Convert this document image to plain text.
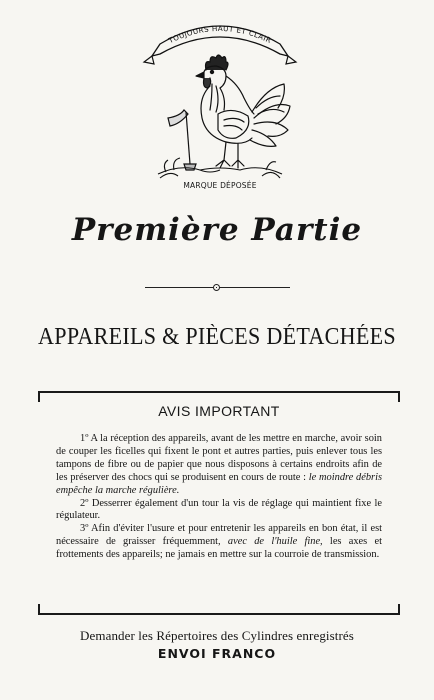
TOUJOURS HAUT ET CLAIR
MARQUE DÉPOSÉE
Première Partie
APPAREILS & PIÈCES DÉTACHÉES
AVIS IMPORTANT

1º A la réception des appareils, avant de les mettre en marche, avoir soin de couper les ficelles qui fixent le pont et autres parties, puis enlever tous les tampons de fibre ou de papier que nous disposons à certains endroits afin de les préserver des chocs qui se produisent en cours de route : le moindre débris empêche la marche régulière.

2º Desserrer également d'un tour la vis de réglage qui maintient fixe le régulateur.

3º Afin d'éviter l'usure et pour entretenir les appareils en bon état, il est nécessaire de graisser fréquemment, avec de l'huile fine, les axes et frottements des appareils; ne jamais en mettre sur la courroie de transmission.

Demander les Répertoires des Cylindres enregistrés
ENVOI FRANCO
